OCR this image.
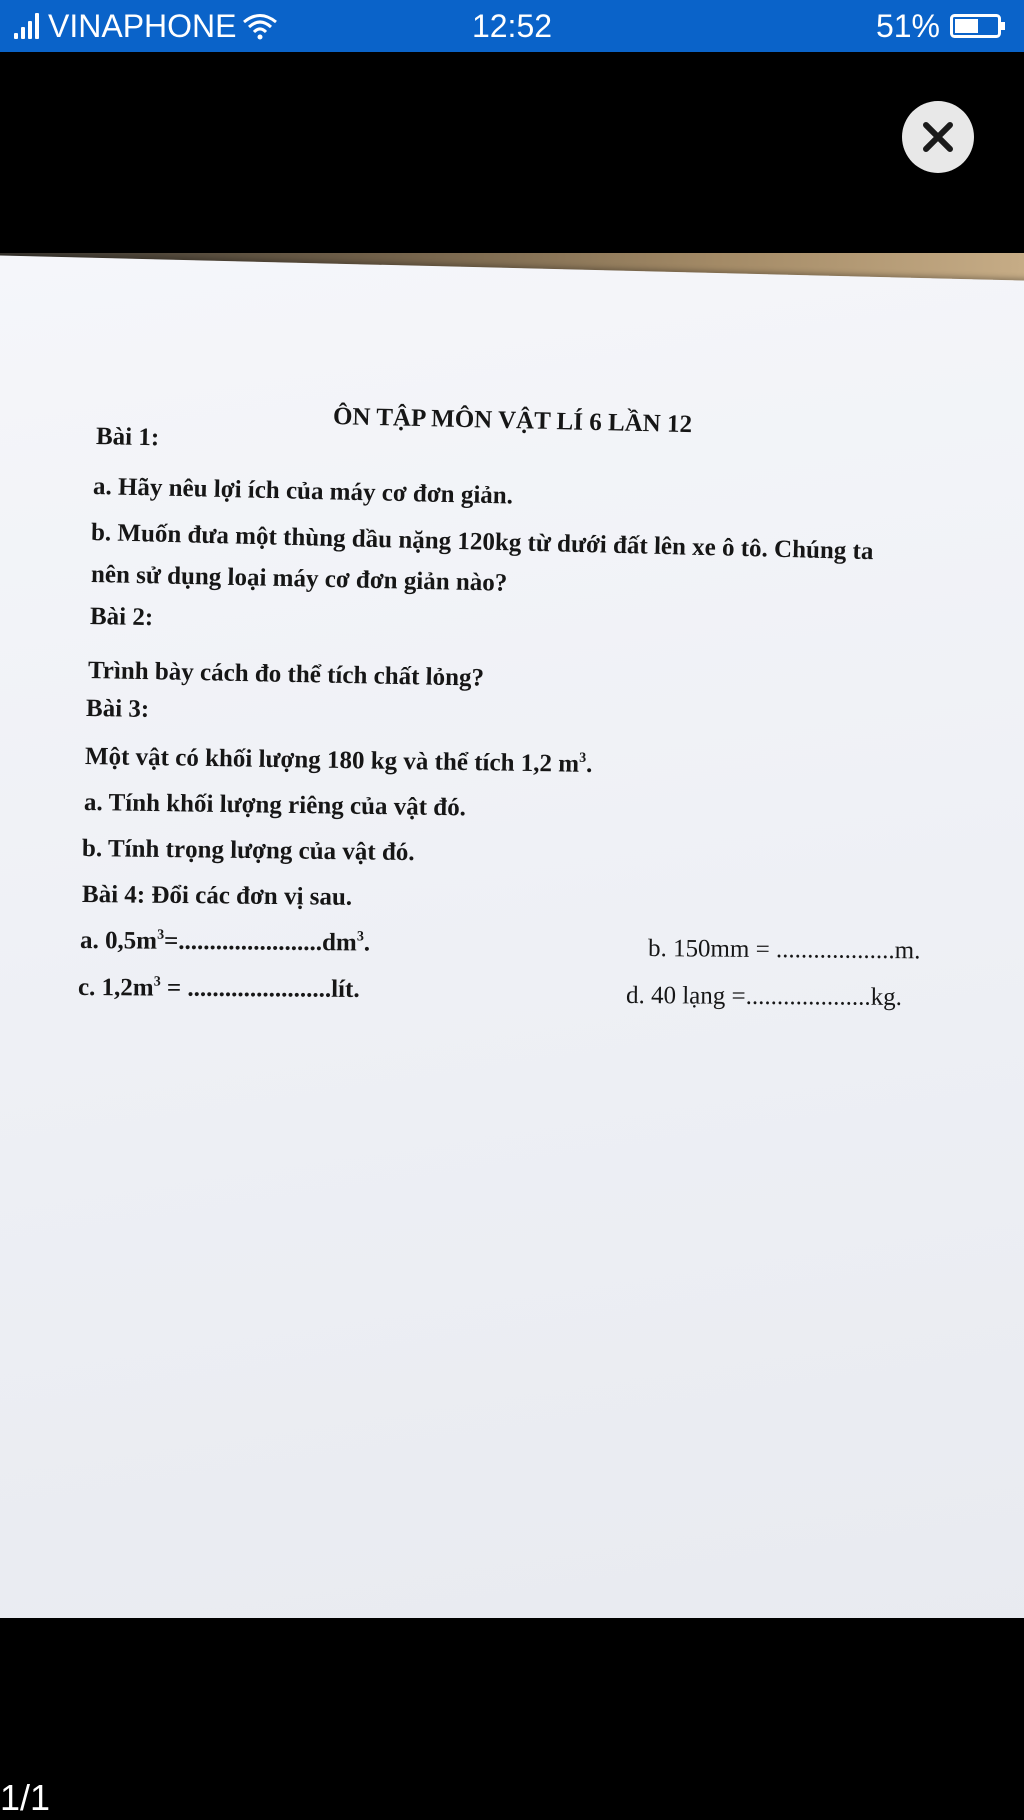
VINAPHONE	12:52	51%
ÔN TẬP MÔN VẬT LÍ 6 LẦN 12
Bài 1:
a. Hãy nêu lợi ích của máy cơ đơn giản.
b. Muốn đưa một thùng dầu nặng 120kg từ dưới đất lên xe ô tô. Chúng ta
nên sử dụng loại máy cơ đơn giản nào?
Bài 2:
Trình bày cách đo thể tích chất lỏng?
Bài 3:
Một vật có khối lượng 180 kg và thể tích 1,2 $m^3$.
a. Tính khối lượng riêng của vật đó.
b. Tính trọng lượng của vật đó.
Bài 4: Đổi các đơn vị sau.
a. $0,5m^3=.......................dm^3$.	b. 150mm = ...................m.
c. $1,2m^3$ = .......................lít.	d. 40 lạng =....................kg.
1/1
